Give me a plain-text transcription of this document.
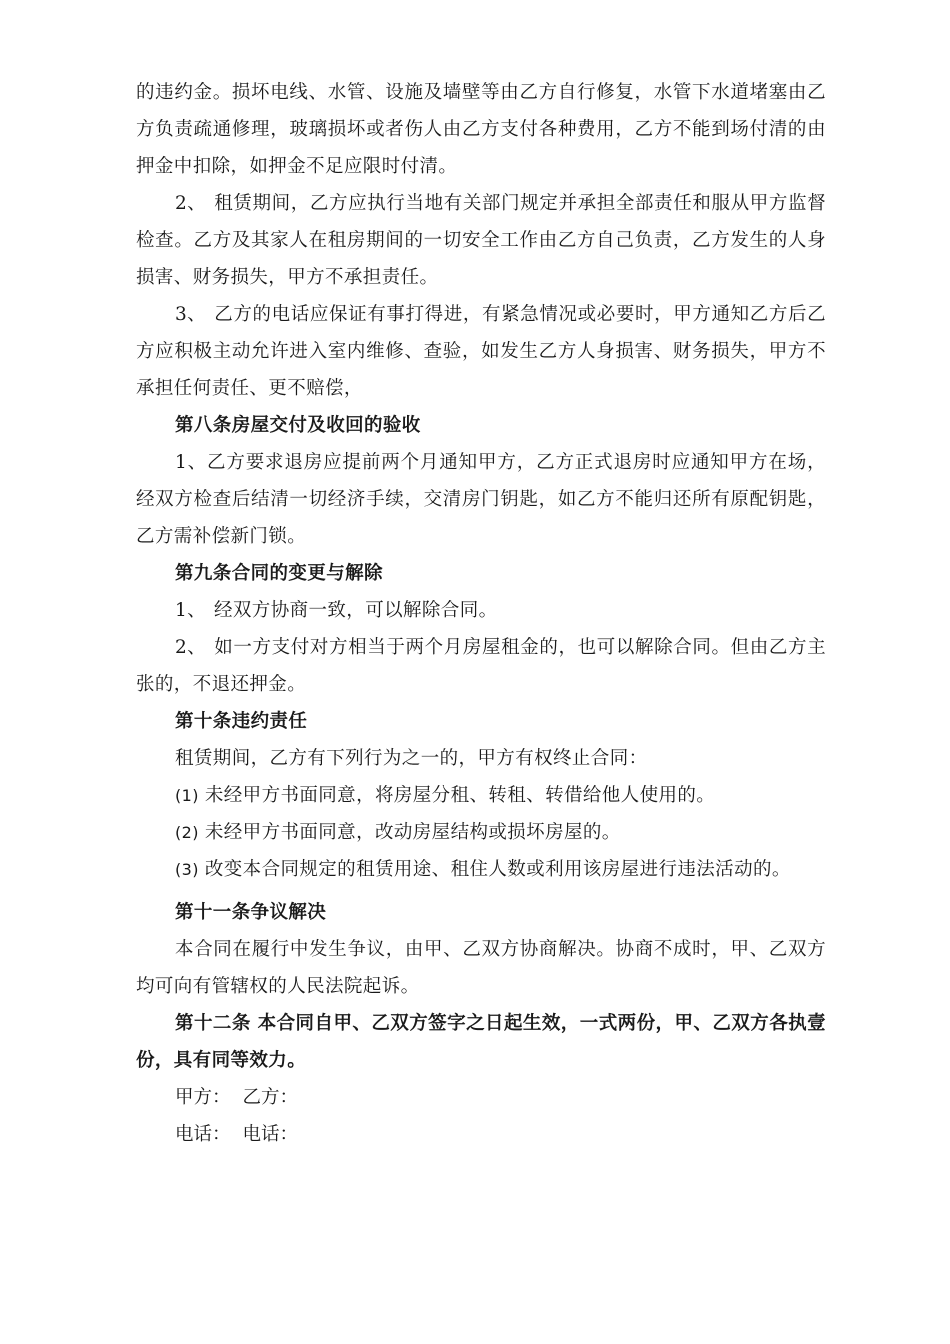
的违约金。损坏电线、水管、设施及墙壁等由乙方自行修复，水管下水道堵塞由乙方负责疏通修理，玻璃损坏或者伤人由乙方支付各种费用，乙方不能到场付清的由押金中扣除，如押金不足应限时付清。

2、 租赁期间，乙方应执行当地有关部门规定并承担全部责任和服从甲方监督检查。乙方及其家人在租房期间的一切安全工作由乙方自己负责，乙方发生的人身损害、财务损失，甲方不承担责任。

3、 乙方的电话应保证有事打得进，有紧急情况或必要时，甲方通知乙方后乙方应积极主动允许进入室内维修、查验，如发生乙方人身损害、财务损失，甲方不承担任何责任、更不赔偿，

第八条房屋交付及收回的验收

1、乙方要求退房应提前两个月通知甲方，乙方正式退房时应通知甲方在场，经双方检查后结清一切经济手续，交清房门钥匙，如乙方不能归还所有原配钥匙，乙方需补偿新门锁。

第九条合同的变更与解除

1、 经双方协商一致，可以解除合同。

2、 如一方支付对方相当于两个月房屋租金的，也可以解除合同。但由乙方主张的，不退还押金。

第十条违约责任

租赁期间，乙方有下列行为之一的，甲方有权终止合同：

(1) 未经甲方书面同意，将房屋分租、转租、转借给他人使用的。

(2) 未经甲方书面同意，改动房屋结构或损坏房屋的。

(3) 改变本合同规定的租赁用途、租住人数或利用该房屋进行违法活动的。

第十一条争议解决

本合同在履行中发生争议，由甲、乙双方协商解决。协商不成时，甲、乙双方均可向有管辖权的人民法院起诉。

第十二条 本合同自甲、乙双方签字之日起生效，一式两份，甲、乙双方各执壹份，具有同等效力。

甲方： 乙方：

电话： 电话：
